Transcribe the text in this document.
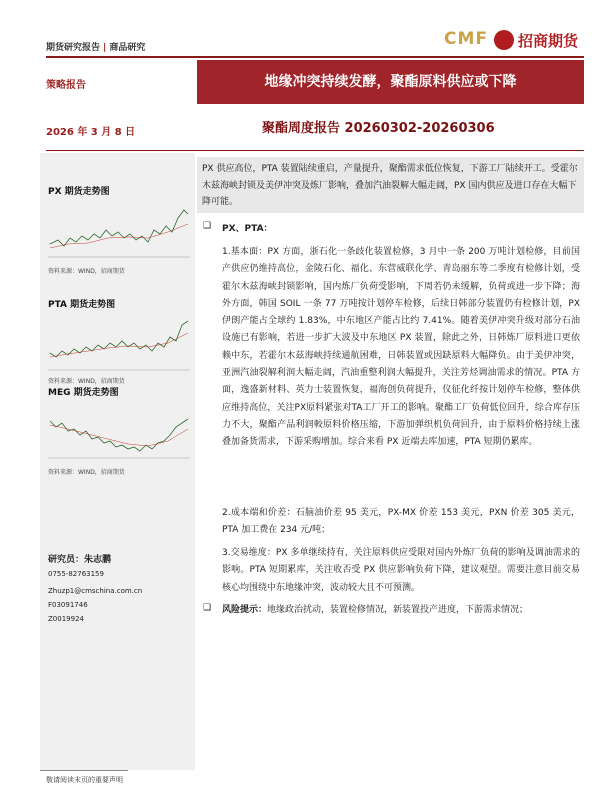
期货研究报告 | 商品研究	CMF 招商期货
策略报告	地缘冲突持续发酵，聚酯原料供应或下降
2026 年 3 月 8 日	聚酯周度报告 20260302-20260306
PX 期货走势图
资料来源：WIND，招商期货
PTA 期货走势图
资料来源：WIND，招商期货
MEG 期货走势图
资料来源：WIND，招商期货
研究员：朱志鹏
0755-82763159
Zhuzp1@cmschina.com.cn
F03091746
Z0019924
PX 供应高位，PTA 装置陆续重启，产量提升，聚酯需求低位恢复，下游工厂陆续开工。受霍尔木兹海峡封锁及美伊冲突及炼厂影响，叠加汽油裂解大幅走阔，PX 国内供应及进口存在大幅下降可能。
❑ PX、PTA：
1.基本面：PX 方面，浙石化一条歧化装置检修，3 月中一条 200 万吨计划检修，目前国产供应仍维持高位，金陵石化、福化、东营威联化学、青岛丽东等二季度有检修计划，受霍尔木兹海峡封锁影响，国内炼厂负荷受影响，下周若仍未缓解，负荷或进一步下降；海外方面，韩国 SOIL 一条 77 万吨按计划停车检修，后续日韩部分装置仍有检修计划，PX 伊朗产能占全球约 1.83%，中东地区产能占比约 7.41%。随着美伊冲突升级对部分石油设施已有影响，若进一步扩大波及中东地区 PX 装置，除此之外，日韩炼厂原料进口更依赖中东，若霍尔木兹海峡持续通航困难，日韩装置或因缺原料大幅降负。由于美伊冲突，亚洲汽油裂解利润大幅走阔，汽油重整利润大幅提升，关注芳烃调油需求的情况。PTA 方面，逸盛新材料、英力士装置恢复，福海创负荷提升，仪征化纤按计划停车检修，整体供应维持高位，关注PX原料紧张对TA工厂开工的影响。聚酯工厂负荷低位回升，综合库存压力不大，聚酯产品利润較原料价格压缩，下游加弹织机负荷回升，由于原料价格持续上涨叠加备货需求，下游采购增加。综合来看 PX 近端去库加速，PTA 短期仍累库。
2.成本端和价差：石脑油价差 95 美元，PX-MX 价差 153 美元，PXN 价差 305 美元，PTA 加工费在 234 元/吨；
3.交易维度：PX 多单继续持有，关注原料供应受限对国内外炼厂负荷的影响及调油需求的影响。PTA 短期累库，关注收否受 PX 供应影响负荷下降，建议观望。需要注意目前交易核心均围绕中东地缘冲突，波动较大且不可预测。
❑ 风险提示：地缘政治扰动，装置检修情况，新装置投产进度，下游需求情况；
敬请阅读末页的重要声明
